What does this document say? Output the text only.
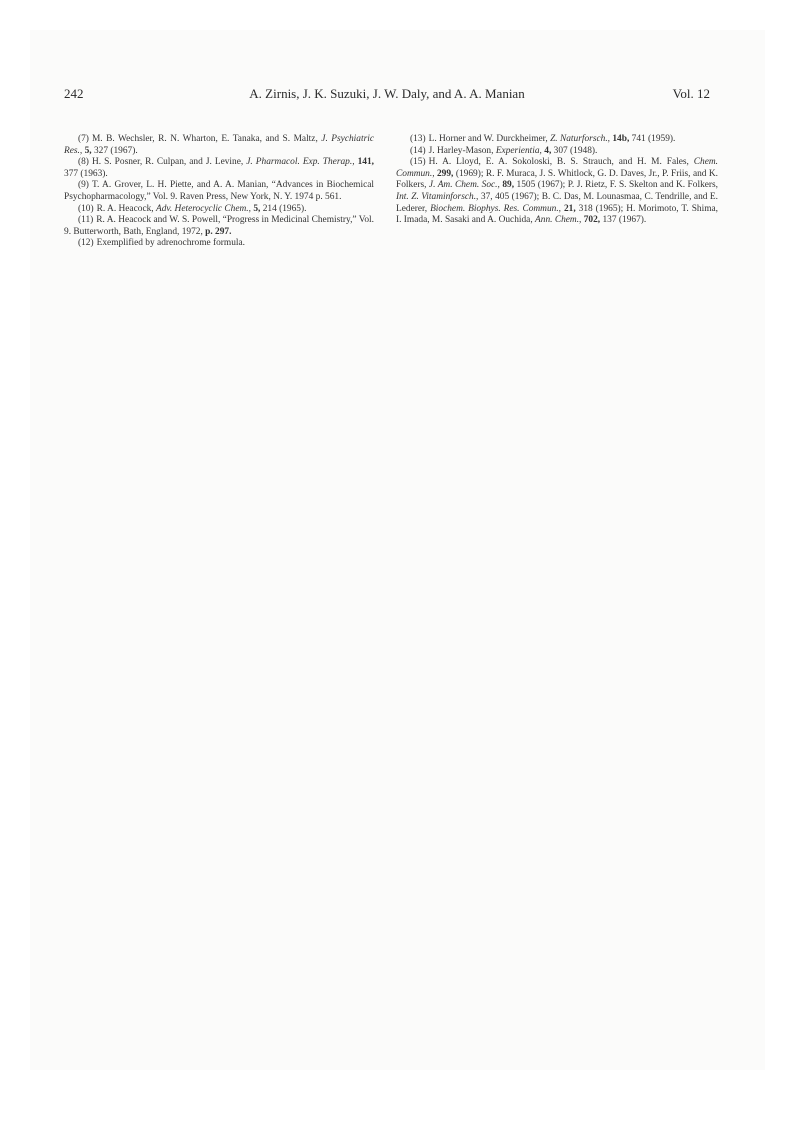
242	A. Zirnis, J. K. Suzuki, J. W. Daly, and A. A. Manian	Vol. 12

(7) M. B. Wechsler, R. N. Wharton, E. Tanaka, and S. Maltz, J. Psychiatric Res., 5, 327 (1967).

(8) H. S. Posner, R. Culpan, and J. Levine, J. Pharmacol. Exp. Therap., 141, 377 (1963).

(9) T. A. Grover, L. H. Piette, and A. A. Manian, “Advances in Biochemical Psychopharmacology,” Vol. 9. Raven Press, New York, N. Y. 1974 p. 561.

(10) R. A. Heacock, Adv. Heterocyclic Chem., 5, 214 (1965).

(11) R. A. Heacock and W. S. Powell, “Progress in Medicinal Chemistry,” Vol. 9. Butterworth, Bath, England, 1972, p. 297.

(12) Exemplified by adrenochrome formula.

(13) L. Horner and W. Durckheimer, Z. Naturforsch., 14b, 741 (1959).

(14) J. Harley-Mason, Experientia, 4, 307 (1948).

(15) H. A. Lloyd, E. A. Sokoloski, B. S. Strauch, and H. M. Fales, Chem. Commun., 299, (1969); R. F. Muraca, J. S. Whitlock, G. D. Daves, Jr., P. Friis, and K. Folkers, J. Am. Chem. Soc., 89, 1505 (1967); P. J. Rietz, F. S. Skelton and K. Folkers, Int. Z. Vitaminforsch., 37, 405 (1967); B. C. Das, M. Lounasmaa, C. Tendrille, and E. Lederer, Biochem. Biophys. Res. Commun., 21, 318 (1965); H. Morimoto, T. Shima, I. Imada, M. Sasaki and A. Ouchida, Ann. Chem., 702, 137 (1967).
